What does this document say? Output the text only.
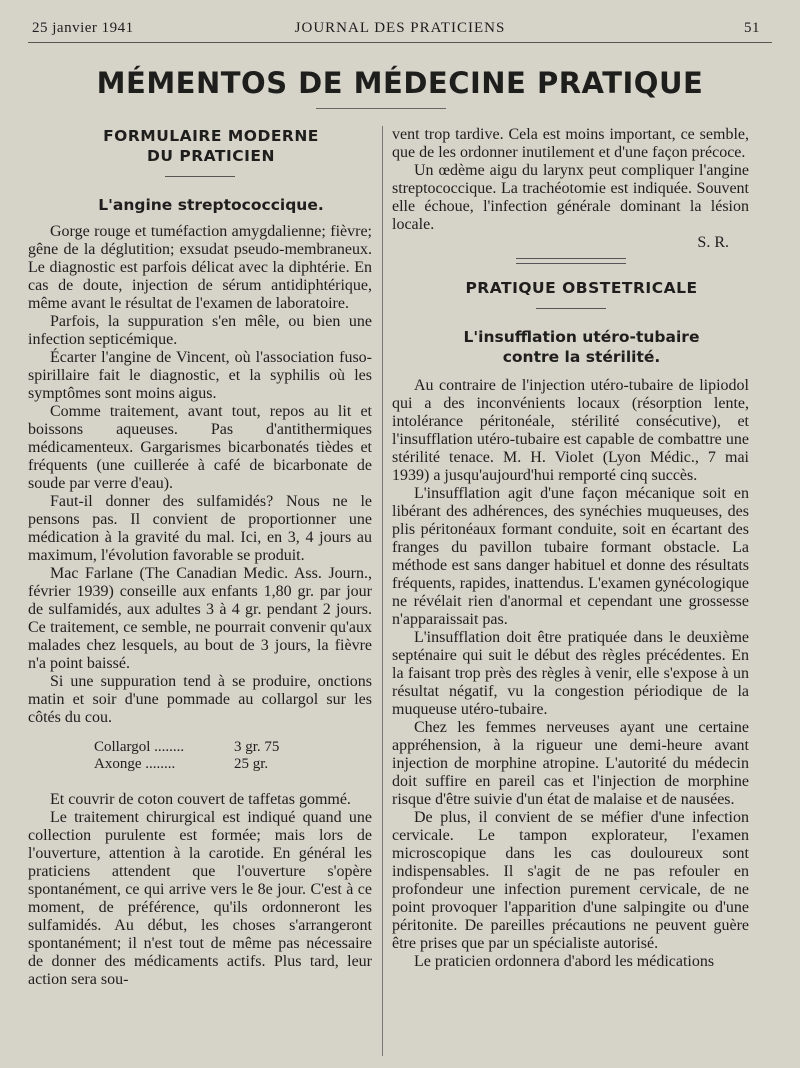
25 janvier 1941	JOURNAL DES PRATICIENS	51
MÉMENTOS DE MÉDECINE PRATIQUE

FORMULAIRE MODERNE

DU PRATICIEN

L'angine streptococcique.

Gorge rouge et tuméfaction amygdalienne; fièvre; gêne de la déglutition; exsudat pseudo-membraneux. Le diagnostic est parfois délicat avec la diphtérie. En cas de doute, injection de sérum antidiphtérique, même avant le résultat de l'examen de laboratoire.

Parfois, la suppuration s'en mêle, ou bien une infection septicémique.

Écarter l'angine de Vincent, où l'association fuso-spirillaire fait le diagnostic, et la syphilis où les symptômes sont moins aigus.

Comme traitement, avant tout, repos au lit et boissons aqueuses. Pas d'antithermiques médicamenteux. Gargarismes bicarbonatés tièdes et fréquents (une cuillerée à café de bicarbonate de soude par verre d'eau).

Faut-il donner des sulfamidés? Nous ne le pensons pas. Il convient de proportionner une médication à la gravité du mal. Ici, en 3, 4 jours au maximum, l'évolution favorable se produit.

Mac Farlane (The Canadian Medic. Ass. Journ., février 1939) conseille aux enfants 1,80 gr. par jour de sulfamidés, aux adultes 3 à 4 gr. pendant 2 jours. Ce traitement, ce semble, ne pourrait convenir qu'aux malades chez lesquels, au bout de 3 jours, la fièvre n'a point baissé.

Si une suppuration tend à se produire, onctions matin et soir d'une pommade au collargol sur les côtés du cou.

Collargol ........	3 gr. 75
Axonge ........	25 gr.

Et couvrir de coton couvert de taffetas gommé.

Le traitement chirurgical est indiqué quand une collection purulente est formée; mais lors de l'ouverture, attention à la carotide. En général les praticiens attendent que l'ouverture s'opère spontanément, ce qui arrive vers le 8e jour. C'est à ce moment, de préférence, qu'ils ordonneront les sulfamidés. Au début, les choses s'arrangeront spontanément; il n'est tout de même pas nécessaire de donner des médicaments actifs. Plus tard, leur action sera sou-

vent trop tardive. Cela est moins important, ce semble, que de les ordonner inutilement et d'une façon précoce.

Un œdème aigu du larynx peut compliquer l'angine streptococcique. La trachéotomie est indiquée. Souvent elle échoue, l'infection générale dominant la lésion locale.

S. R.

PRATIQUE OBSTETRICALE

L'insufflation utéro-tubaire

contre la stérilité.

Au contraire de l'injection utéro-tubaire de lipiodol qui a des inconvénients locaux (résorption lente, intolérance péritonéale, stérilité consécutive), et l'insufflation utéro-tubaire est capable de combattre une stérilité tenace. M. H. Violet (Lyon Médic., 7 mai 1939) a jusqu'aujourd'hui remporté cinq succès.

L'insufflation agit d'une façon mécanique soit en libérant des adhérences, des synéchies muqueuses, des plis péritonéaux formant conduite, soit en écartant des franges du pavillon tubaire formant obstacle. La méthode est sans danger habituel et donne des résultats fréquents, rapides, inattendus. L'examen gynécologique ne révélait rien d'anormal et cependant une grossesse n'apparaissait pas.

L'insufflation doit être pratiquée dans le deuxième septénaire qui suit le début des règles précédentes. En la faisant trop près des règles à venir, elle s'expose à un résultat négatif, vu la congestion périodique de la muqueuse utéro-tubaire.

Chez les femmes nerveuses ayant une certaine appréhension, à la rigueur une demi-heure avant injection de morphine atropine. L'autorité du médecin doit suffire en pareil cas et l'injection de morphine risque d'être suivie d'un état de malaise et de nausées.

De plus, il convient de se méfier d'une infection cervicale. Le tampon explorateur, l'examen microscopique dans les cas douloureux sont indispensables. Il s'agit de ne pas refouler en profondeur une infection purement cervicale, de ne point provoquer l'apparition d'une salpingite ou d'une péritonite. De pareilles précautions ne peuvent guère être prises que par un spécialiste autorisé.

Le praticien ordonnera d'abord les médications
